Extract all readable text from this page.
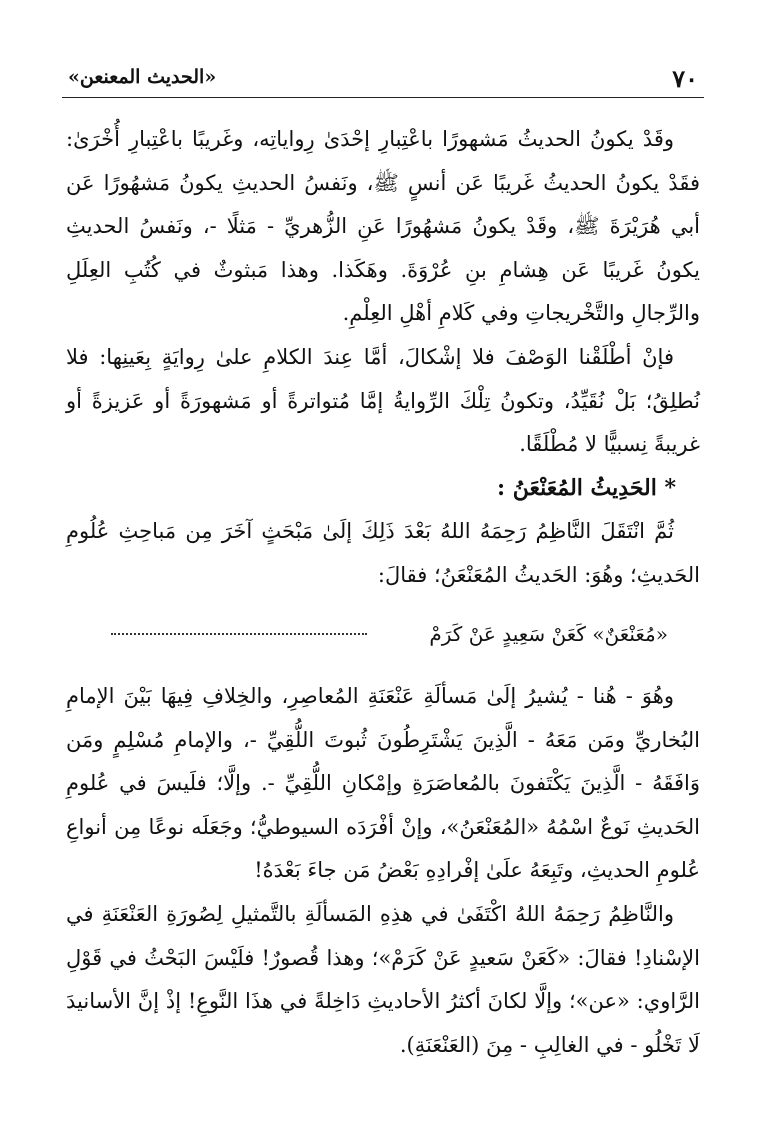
٧٠
«الحديث المعنعن»

وقَدْ يكونُ الحديثُ مَشهورًا باعْتِبارِ إحْدَىٰ رِواياتِه، وغَريبًا باعْتِبارِ أُخْرَىٰ: فقَدْ يكونُ الحديثُ غَريبًا عَن أنسٍ ﷺ، ونَفسُ الحديثِ يكونُ مَشهُورًا عَن أبي هُرَيْرَةَ ﷺ، وقَدْ يكونُ مَشهُورًا عَنِ الزُّهريِّ - مَثلًا -، ونَفسُ الحديثِ يكونُ غَريبًا عَن هِشامِ بنِ عُرْوَةَ. وهَكَذا. وهذا مَبثوثٌ في كُتُبِ العِلَلِ والرِّجالِ والتَّخْريجاتِ وفي كَلامِ أهْلِ العِلْمِ.

فإنْ أطْلَقْنا الوَصْفَ فلا إشْكالَ، أمَّا عِندَ الكلامِ علىٰ رِوايَةٍ بِعَينِها: فلا نُطلِقُ؛ بَلْ نُقَيِّدُ، وتكونُ تِلْكَ الرِّوايةُ إمَّا مُتواترةً أو مَشهورَةً أو عَزيزةً أو غريبةً نِسبيًّا لا مُطْلَقًا.

* الحَدِيثُ المُعَنْعَنُ :

ثُمَّ انْتَقَلَ النَّاظِمُ رَحِمَهُ اللهُ بَعْدَ ذَلِكَ إلَىٰ مَبْحَثٍ آخَرَ مِن مَباحِثِ عُلُومِ الحَديثِ؛ وهُوَ: الحَديثُ المُعَنْعَنُ؛ فقالَ:

«مُعَنْعَنٌ» كَعَنْ سَعِيدٍ عَنْ كَرَمْ

وهُوَ - هُنا - يُشيرُ إلَىٰ مَسألَةِ عَنْعَنَةِ المُعاصِرِ، والخِلافِ فِيهَا بَيْنَ الإمامِ البُخاريِّ ومَن مَعَهُ - الَّذِينَ يَشْتَرِطُونَ ثُبوتَ اللُّقِيِّ -، والإمامِ مُسْلِمٍ ومَن وَافَقَهُ - الَّذِينَ يَكْتَفونَ بالمُعاصَرَةِ وإمْكانِ اللُّقِيِّ -. وإلَّا؛ فلَيسَ في عُلومِ الحَديثِ نَوعٌ اسْمُهُ «المُعَنْعَنُ»، وإنْ أفْرَدَه السيوطيُّ؛ وجَعَلَه نوعًا مِن أنواعِ عُلومِ الحديثِ، وتَبِعَهُ علَىٰ إفْرادِهِ بَعْضُ مَن جاءَ بَعْدَهُ!

والنَّاظِمُ رَحِمَهُ اللهُ اكْتَفَىٰ في هذِهِ المَسألَةِ بالتَّمثيلِ لِصُورَةِ العَنْعَنَةِ في الإسْنادِ! فقالَ: «كَعَنْ سَعيدٍ عَنْ كَرَمْ»؛ وهذا قُصورٌ! فلَيْسَ البَحْثُ في قَوْلِ الرَّاوي: «عن»؛ وإلَّا لكانَ أكثرُ الأحاديثِ دَاخِلةً في هذَا النَّوعِ! إذْ إنَّ الأسانيدَ لَا تَخْلُو - في الغالِبِ - مِنَ (العَنْعَنَةِ).
